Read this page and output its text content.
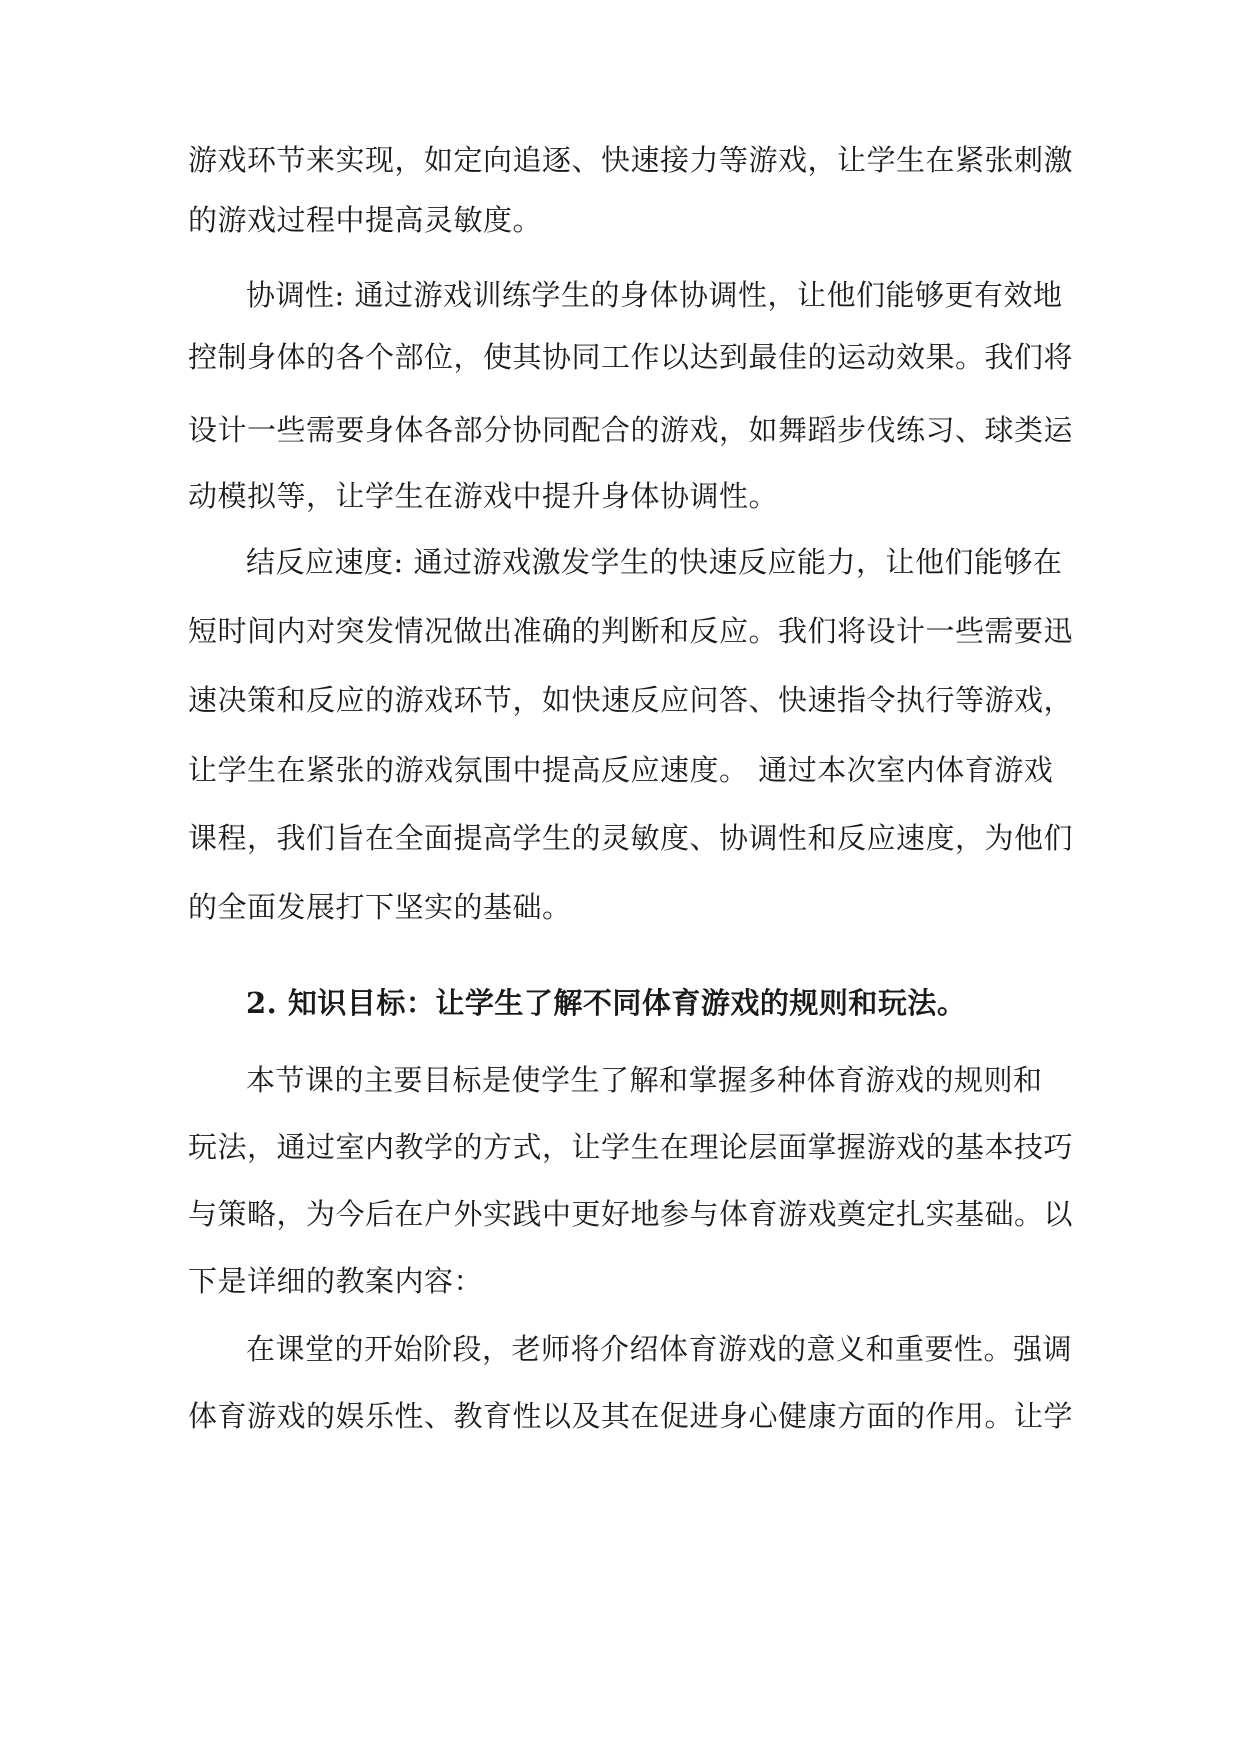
游戏环节来实现，如定向追逐、快速接力等游戏，让学生在紧张刺激
的游戏过程中提高灵敏度。
协调性: 通过游戏训练学生的身体协调性，让他们能够更有效地
控制身体的各个部位，使其协同工作以达到最佳的运动效果。我们将
设计一些需要身体各部分协同配合的游戏，如舞蹈步伐练习、球类运
动模拟等，让学生在游戏中提升身体协调性。
结反应速度: 通过游戏激发学生的快速反应能力，让他们能够在
短时间内对突发情况做出准确的判断和反应。我们将设计一些需要迅
速决策和反应的游戏环节，如快速反应问答、快速指令执行等游戏，
让学生在紧张的游戏氛围中提高反应速度。 通过本次室内体育游戏
课程，我们旨在全面提高学生的灵敏度、协调性和反应速度，为他们
的全面发展打下坚实的基础。
2. 知识目标：让学生了解不同体育游戏的规则和玩法。
本节课的主要目标是使学生了解和掌握多种体育游戏的规则和
玩法，通过室内教学的方式，让学生在理论层面掌握游戏的基本技巧
与策略，为今后在户外实践中更好地参与体育游戏奠定扎实基础。以
下是详细的教案内容：
在课堂的开始阶段，老师将介绍体育游戏的意义和重要性。强调
体育游戏的娱乐性、教育性以及其在促进身心健康方面的作用。让学
